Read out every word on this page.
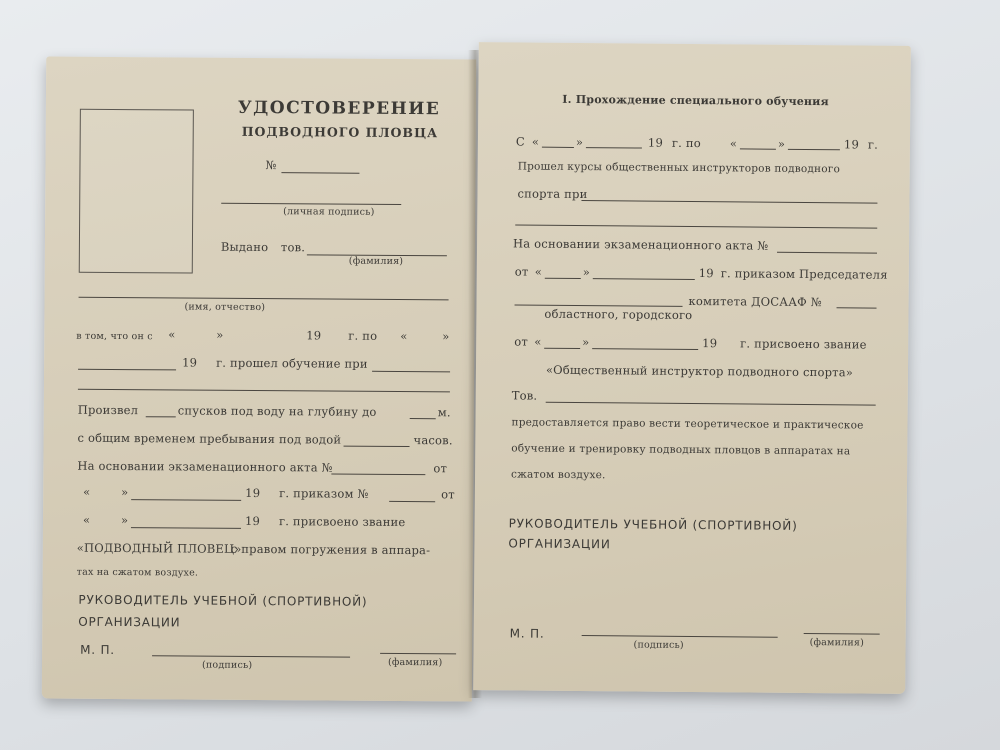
УДОСТОВЕРЕНИЕ
ПОДВОДНОГО ПЛОВЦА
№
(личная подпись)
Выдано тов.
(фамилия)
(имя, отчество)
в том, что он с «	»	19 г. по «	»
19 г. прошел обучение при
Произвел	спусков под воду на глубину до	м.
с общим временем пребывания под водой	часов.
На основании экзаменационного акта №	от
«	»	19 г. приказом №	от
«	»	19 г. присвоено звание
«ПОДВОДНЫЙ ПЛОВЕЦ»
с правом погружения в аппара-
тах на сжатом воздухе.
РУКОВОДИТЕЛЬ УЧЕБНОЙ (СПОРТИВНОЙ)
ОРГАНИЗАЦИИ
М. П.
(подпись)	(фамилия)
I. Прохождение специального обучения
С «	»	19 г. по	«	»	19 г.
Прошел курсы общественных инструкторов подводного
спорта при
На основании экзаменационного акта №
от «	»	19 г. приказом Председателя
комитета ДОСААФ №
областного, городского
от «	»	19 г. присвоено звание
«Общественный инструктор подводного спорта»
Тов.
предоставляется право вести теоретическое и практическое
обучение и тренировку подводных пловцов в аппаратах на
сжатом воздухе.
РУКОВОДИТЕЛЬ УЧЕБНОЙ (СПОРТИВНОЙ)
ОРГАНИЗАЦИИ
М. П.
(подпись)	(фамилия)
